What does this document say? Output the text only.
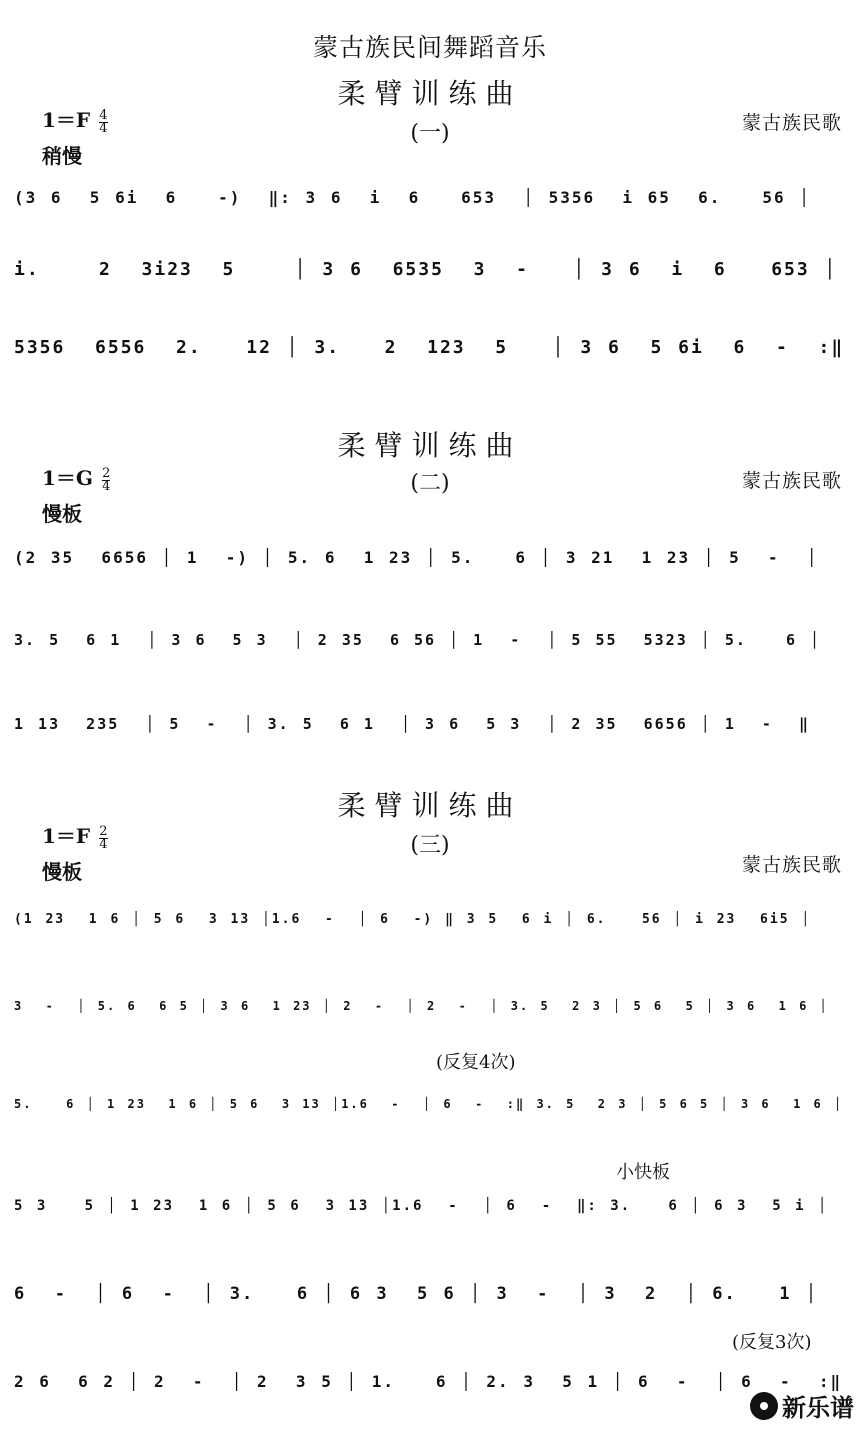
蒙古族民间舞蹈音乐
柔臂训练曲
(一)
$1=F \frac{4}{4}$
稍慢
蒙古族民歌
(3 6  5 6i  6   -)  ‖: 3 6  i  6   653  │ 5356  i 65  6.   56 │
i.    2  3i23  5    │ 3 6  6535  3  -   │ 3 6  i  6   653 │
5356  6556  2.   12 │ 3.   2  123  5   │ 3 6  5 6i  6  -  :‖
柔臂训练曲
(二)
$1=G \frac{2}{4}$
慢板
蒙古族民歌
(2 35  6656 │ 1  -) │ 5. 6  1 23 │ 5.   6 │ 3 21  1 23 │ 5  -  │
3. 5  6 1  │ 3 6  5 3  │ 2 35  6 56 │ 1  -  │ 5 55  5323 │ 5.   6 │
1 13  235  │ 5  -  │ 3. 5  6 1  │ 3 6  5 3  │ 2 35  6656 │ 1  -  ‖
柔臂训练曲
(三)
$1=F \frac{2}{4}$
慢板	蒙古族民歌
(1 23  1 6 │ 5 6  3 13 │1.6  -  │ 6  -) ‖ 3 5  6 i │ 6.   56 │ i 23  6i5 │
3  -  │ 5. 6  6 5 │ 3 6  1 23 │ 2  -  │ 2  -  │ 3. 5  2 3 │ 5 6  5 │ 3 6  1 6 │
(反复4次)
5.   6 │ 1 23  1 6 │ 5 6  3 13 │1.6  -  │ 6  -  :‖ 3. 5  2 3 │ 5 6 5 │ 3 6  1 6 │
小快板
5 3   5 │ 1 23  1 6 │ 5 6  3 13 │1.6  -  │ 6  -  ‖: 3.   6 │ 6 3  5 i │
6  -  │ 6  -  │ 3.   6 │ 6 3  5 6 │ 3  -  │ 3  2  │ 6.   1 │
(反复3次)
2 6  6 2 │ 2  -  │ 2  3 5 │ 1.   6 │ 2. 3  5 1 │ 6  -  │ 6  -  :‖
新乐谱
